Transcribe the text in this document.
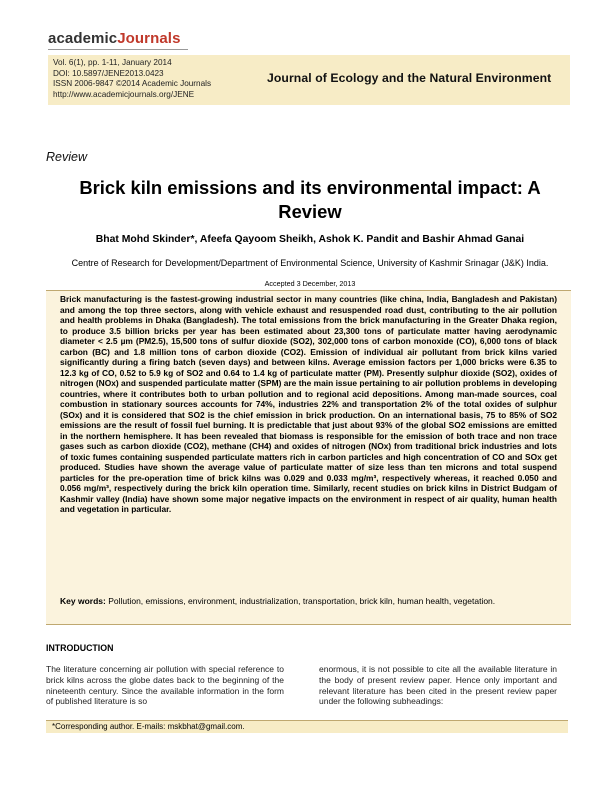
academicJournals
Vol. 6(1), pp. 1-11, January 2014
DOI: 10.5897/JENE2013.0423
ISSN 2006-9847 ©2014 Academic Journals
http://www.academicjournals.org/JENE
Journal of Ecology and the Natural Environment
Review
Brick kiln emissions and its environmental impact: A Review
Bhat Mohd Skinder*, Afeefa Qayoom Sheikh, Ashok K. Pandit and Bashir Ahmad Ganai
Centre of Research for Development/Department of Environmental Science, University of Kashmir Srinagar (J&K) India.
Accepted 3 December, 2013
Brick manufacturing is the fastest-growing industrial sector in many countries (like china, India, Bangladesh and Pakistan) and among the top three sectors, along with vehicle exhaust and resuspended road dust, contributing to the air pollution and health problems in Dhaka (Bangladesh). The total emissions from the brick manufacturing in the Greater Dhaka region, to produce 3.5 billion bricks per year has been estimated about 23,300 tons of particulate matter having aerodynamic diameter < 2.5 µm (PM2.5), 15,500 tons of sulfur dioxide (SO2), 302,000 tons of carbon monoxide (CO), 6,000 tons of black carbon (BC) and 1.8 million tons of carbon dioxide (CO2). Emission of individual air pollutant from brick kilns varied significantly during a firing batch (seven days) and between kilns. Average emission factors per 1,000 bricks were 6.35 to 12.3 kg of CO, 0.52 to 5.9 kg of SO2 and 0.64 to 1.4 kg of particulate matter (PM). Presently sulphur dioxide (SO2), oxides of nitrogen (NOx) and suspended particulate matter (SPM) are the main issue pertaining to air pollution problems in developing countries, where it contributes both to urban pollution and to regional acid depositions. Among man-made sources, coal combustion in stationary sources accounts for 74%, industries 22% and transportation 2% of the total oxides of sulphur (SOx) and it is considered that SO2 is the chief emission in brick production. On an international basis, 75 to 85% of SO2 emissions are the result of fossil fuel burning. It is predictable that just about 93% of the global SO2 emissions are emitted in the northern hemisphere. It has been revealed that biomass is responsible for the emission of both trace and non trace gases such as carbon dioxide (CO2), methane (CH4) and oxides of nitrogen (NOx) from traditional brick industries and lots of toxic fumes containing suspended particulate matters rich in carbon particles and high concentration of CO and SOx get produced. Studies have shown the average value of particulate matter of size less than ten microns and total suspend particles for the pre-operation time of brick kilns was 0.029 and 0.033 mg/m³, respectively whereas, it reached 0.050 and 0.056 mg/m³, respectively during the brick kiln operation time. Similarly, recent studies on brick kilns in District Budgam of Kashmir valley (India) have shown some major negative impacts on the environment in respect of air quality, human health and vegetation in particular.
Key words: Pollution, emissions, environment, industrialization, transportation, brick kiln, human health, vegetation.
INTRODUCTION
The literature concerning air pollution with special reference to brick kilns across the globe dates back to the beginning of the nineteenth century. Since the available information in the form of published literature is so
enormous, it is not possible to cite all the available literature in the body of present review paper. Hence only important and relevant literature has been cited in the present review paper under the following subheadings:
*Corresponding author. E-mails: mskbhat@gmail.com.
